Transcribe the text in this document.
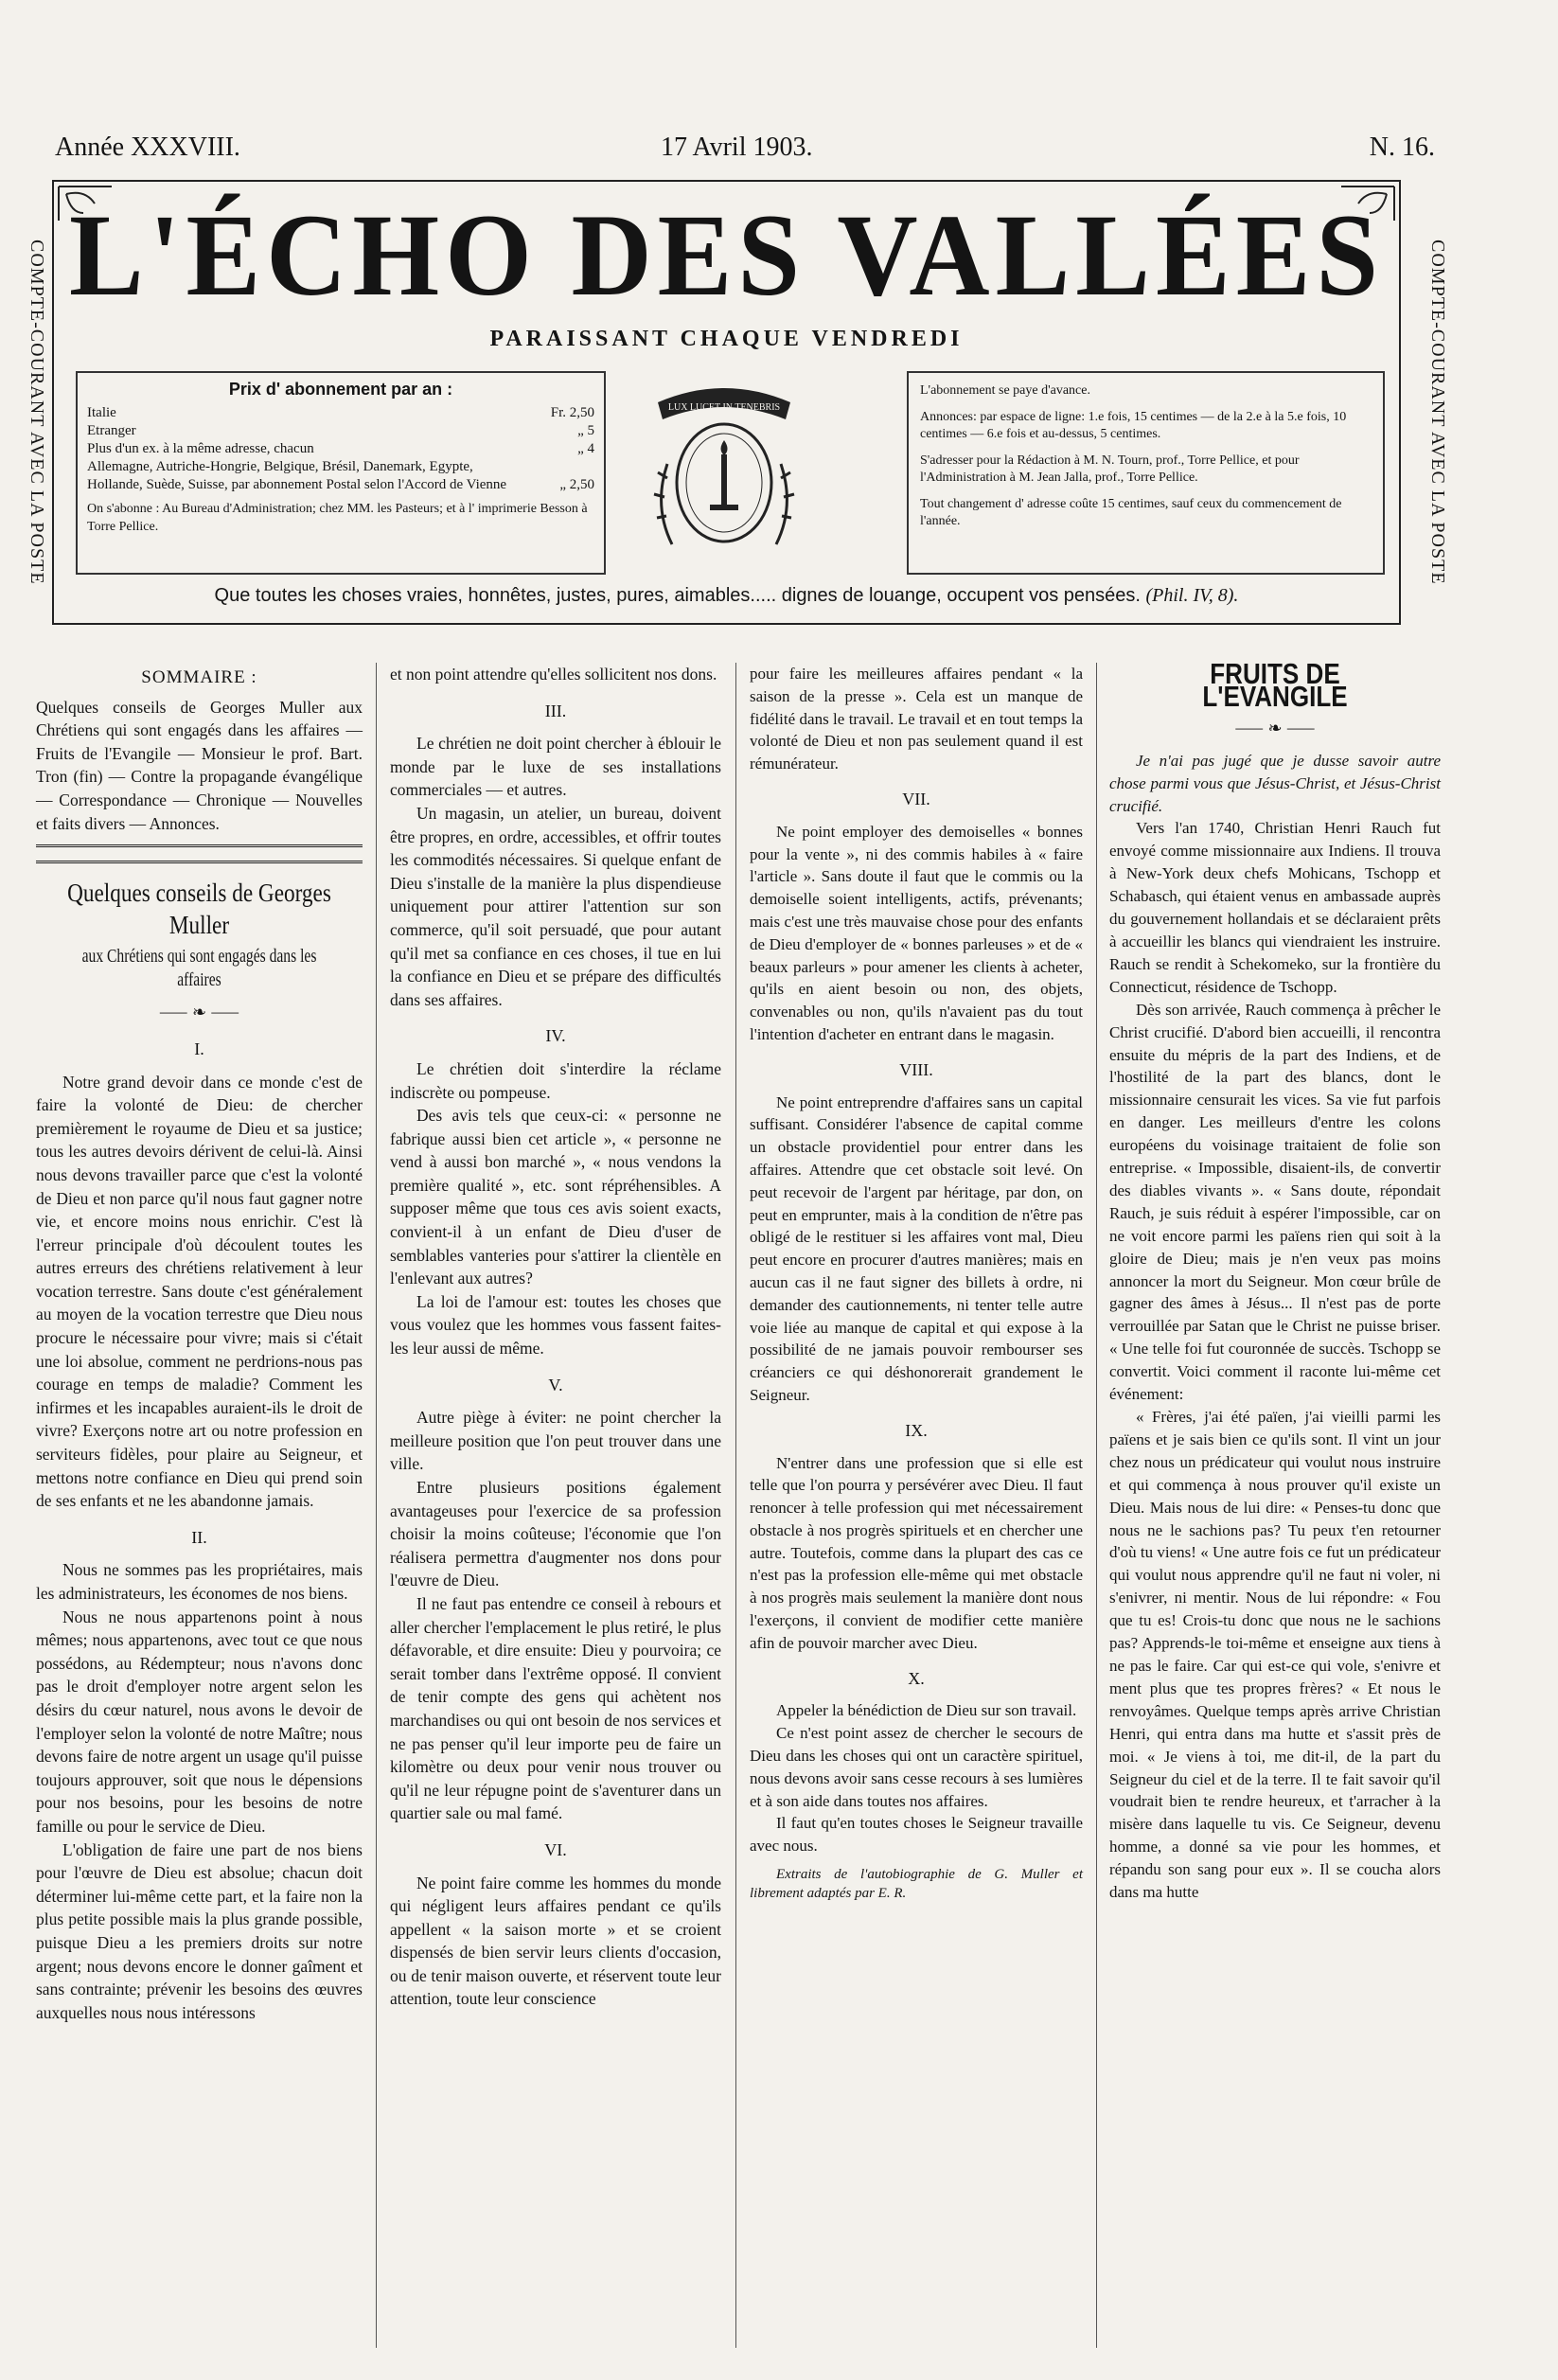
Année XXXVIII.	17 Avril 1903.	N. 16.
COMPTE-COURANT AVEC LA POSTE	COMPTE-COURANT AVEC LA POSTE
L'ÉCHO DES VALLÉES
PARAISSANT CHAQUE VENDREDI
Prix d' abonnement par an :
Italie	Fr. 2,50
Etranger	„ 5
Plus d'un ex. à la même adresse, chacun	„ 4
Allemagne, Autriche-Hongrie, Belgique, Brésil, Danemark, Egypte, Hollande, Suède, Suisse, par abonnement Postal selon l'Accord de Vienne	„ 2,50
On s'abonne : Au Bureau d'Administration; chez MM. les Pasteurs; et à l' imprimerie Besson à Torre Pellice.
LUX LUCET IN TENEBRIS

L'abonnement se paye d'avance.

Annonces: par espace de ligne: 1.e fois, 15 centimes — de la 2.e à la 5.e fois, 10 centimes — 6.e fois et au-dessus, 5 centimes.

S'adresser pour la Rédaction à M. N. Tourn, prof., Torre Pellice, et pour l'Administration à M. Jean Jalla, prof., Torre Pellice.

Tout changement d' adresse coûte 15 centimes, sauf ceux du commencement de l'année.

Que toutes les choses vraies, honnêtes, justes, pures, aimables..... dignes de louange, occupent vos pensées. (Phil. IV, 8).
SOMMAIRE :

Quelques conseils de Georges Muller aux Chrétiens qui sont engagés dans les affaires — Fruits de l'Evangile — Monsieur le prof. Bart. Tron (fin) — Contre la propagande évangélique — Correspondance — Chronique — Nouvelles et faits divers — Annonces.

Quelques conseils de Georges Muller
aux Chrétiens qui sont engagés dans les affaires
⸺ ❧ ⸺
I.

Notre grand devoir dans ce monde c'est de faire la volonté de Dieu: de chercher premièrement le royaume de Dieu et sa justice; tous les autres devoirs dérivent de celui-là. Ainsi nous devons travailler parce que c'est la volonté de Dieu et non parce qu'il nous faut gagner notre vie, et encore moins nous enrichir. C'est là l'erreur principale d'où découlent toutes les autres erreurs des chrétiens relativement à leur vocation terrestre. Sans doute c'est généralement au moyen de la vocation terrestre que Dieu nous procure le nécessaire pour vivre; mais si c'était une loi absolue, comment ne perdrions-nous pas courage en temps de maladie? Comment les infirmes et les incapables auraient-ils le droit de vivre? Exerçons notre art ou notre profession en serviteurs fidèles, pour plaire au Seigneur, et mettons notre confiance en Dieu qui prend soin de ses enfants et ne les abandonne jamais.

II.

Nous ne sommes pas les propriétaires, mais les administrateurs, les économes de nos biens.

Nous ne nous appartenons point à nous mêmes; nous appartenons, avec tout ce que nous possédons, au Rédempteur; nous n'avons donc pas le droit d'employer notre argent selon les désirs du cœur naturel, nous avons le devoir de l'employer selon la volonté de notre Maître; nous devons faire de notre argent un usage qu'il puisse toujours approuver, soit que nous le dépensions pour nos besoins, pour les besoins de notre famille ou pour le service de Dieu.

L'obligation de faire une part de nos biens pour l'œuvre de Dieu est absolue; chacun doit déterminer lui-même cette part, et la faire non la plus petite possible mais la plus grande possible, puisque Dieu a les premiers droits sur notre argent; nous devons encore le donner gaîment et sans contrainte; prévenir les besoins des œuvres auxquelles nous nous intéressons

et non point attendre qu'elles sollicitent nos dons.

III.

Le chrétien ne doit point chercher à éblouir le monde par le luxe de ses installations commerciales — et autres.

Un magasin, un atelier, un bureau, doivent être propres, en ordre, accessibles, et offrir toutes les commodités nécessaires. Si quelque enfant de Dieu s'installe de la manière la plus dispendieuse uniquement pour attirer l'attention sur son commerce, qu'il soit persuadé, que pour autant qu'il met sa confiance en ces choses, il tue en lui la confiance en Dieu et se prépare des difficultés dans ses affaires.

IV.

Le chrétien doit s'interdire la réclame indiscrète ou pompeuse.

Des avis tels que ceux-ci: « personne ne fabrique aussi bien cet article », « personne ne vend à aussi bon marché », « nous vendons la première qualité », etc. sont répréhensibles. A supposer même que tous ces avis soient exacts, convient-il à un enfant de Dieu d'user de semblables vanteries pour s'attirer la clientèle en l'enlevant aux autres?

La loi de l'amour est: toutes les choses que vous voulez que les hommes vous fassent faites-les leur aussi de même.

V.

Autre piège à éviter: ne point chercher la meilleure position que l'on peut trouver dans une ville.

Entre plusieurs positions également avantageuses pour l'exercice de sa profession choisir la moins coûteuse; l'économie que l'on réalisera permettra d'augmenter nos dons pour l'œuvre de Dieu.

Il ne faut pas entendre ce conseil à rebours et aller chercher l'emplacement le plus retiré, le plus défavorable, et dire ensuite: Dieu y pourvoira; ce serait tomber dans l'extrême opposé. Il convient de tenir compte des gens qui achètent nos marchandises ou qui ont besoin de nos services et ne pas penser qu'il leur importe peu de faire un kilomètre ou deux pour venir nous trouver ou qu'il ne leur répugne point de s'aventurer dans un quartier sale ou mal famé.

VI.

Ne point faire comme les hommes du monde qui négligent leurs affaires pendant ce qu'ils appellent « la saison morte » et se croient dispensés de bien servir leurs clients d'occasion, ou de tenir maison ouverte, et réservent toute leur attention, toute leur conscience

pour faire les meilleures affaires pendant « la saison de la presse ». Cela est un manque de fidélité dans le travail. Le travail et en tout temps la volonté de Dieu et non pas seulement quand il est rémunérateur.

VII.

Ne point employer des demoiselles « bonnes pour la vente », ni des commis habiles à « faire l'article ». Sans doute il faut que le commis ou la demoiselle soient intelligents, actifs, prévenants; mais c'est une très mauvaise chose pour des enfants de Dieu d'employer de « bonnes parleuses » et de « beaux parleurs » pour amener les clients à acheter, qu'ils en aient besoin ou non, des objets, convenables ou non, qu'ils n'avaient pas du tout l'intention d'acheter en entrant dans le magasin.

VIII.

Ne point entreprendre d'affaires sans un capital suffisant. Considérer l'absence de capital comme un obstacle providentiel pour entrer dans les affaires. Attendre que cet obstacle soit levé. On peut recevoir de l'argent par héritage, par don, on peut en emprunter, mais à la condition de n'être pas obligé de le restituer si les affaires vont mal, Dieu peut encore en procurer d'autres manières; mais en aucun cas il ne faut signer des billets à ordre, ni demander des cautionnements, ni tenter telle autre voie liée au manque de capital et qui expose à la possibilité de ne jamais pouvoir rembourser ses créanciers ce qui déshonorerait grandement le Seigneur.

IX.

N'entrer dans une profession que si elle est telle que l'on pourra y persévérer avec Dieu. Il faut renoncer à telle profession qui met nécessairement obstacle à nos progrès spirituels et en chercher une autre. Toutefois, comme dans la plupart des cas ce n'est pas la profession elle-même qui met obstacle à nos progrès mais seulement la manière dont nous l'exerçons, il convient de modifier cette manière afin de pouvoir marcher avec Dieu.

X.

Appeler la bénédiction de Dieu sur son travail.

Ce n'est point assez de chercher le secours de Dieu dans les choses qui ont un caractère spirituel, nous devons avoir sans cesse recours à ses lumières et à son aide dans toutes nos affaires.

Il faut qu'en toutes choses le Seigneur travaille avec nous.

Extraits de l'autobiographie de G. Muller et librement adaptés par E. R.

FRUITS DE L'EVANGILE
⸺ ❧ ⸺

Je n'ai pas jugé que je dusse savoir autre chose parmi vous que Jésus-Christ, et Jésus-Christ crucifié.

Vers l'an 1740, Christian Henri Rauch fut envoyé comme missionnaire aux Indiens. Il trouva à New-York deux chefs Mohicans, Tschopp et Schabasch, qui étaient venus en ambassade auprès du gouvernement hollandais et se déclaraient prêts à accueillir les blancs qui viendraient les instruire. Rauch se rendit à Schekomeko, sur la frontière du Connecticut, résidence de Tschopp.

Dès son arrivée, Rauch commença à prêcher le Christ crucifié. D'abord bien accueilli, il rencontra ensuite du mépris de la part des Indiens, et de l'hostilité de la part des blancs, dont le missionnaire censurait les vices. Sa vie fut parfois en danger. Les meilleurs d'entre les colons européens du voisinage traitaient de folie son entreprise. « Impossible, disaient-ils, de convertir des diables vivants ». « Sans doute, répondait Rauch, je suis réduit à espérer l'impossible, car on ne voit encore parmi les païens rien qui soit à la gloire de Dieu; mais je n'en veux pas moins annoncer la mort du Seigneur. Mon cœur brûle de gagner des âmes à Jésus... Il n'est pas de porte verrouillée par Satan que le Christ ne puisse briser. « Une telle foi fut couronnée de succès. Tschopp se convertit. Voici comment il raconte lui-même cet événement:

« Frères, j'ai été païen, j'ai vieilli parmi les païens et je sais bien ce qu'ils sont. Il vint un jour chez nous un prédicateur qui voulut nous instruire et qui commença à nous prouver qu'il existe un Dieu. Mais nous de lui dire: « Penses-tu donc que nous ne le sachions pas? Tu peux t'en retourner d'où tu viens! « Une autre fois ce fut un prédicateur qui voulut nous apprendre qu'il ne faut ni voler, ni s'enivrer, ni mentir. Nous de lui répondre: « Fou que tu es! Crois-tu donc que nous ne le sachions pas? Apprends-le toi-même et enseigne aux tiens à ne pas le faire. Car qui est-ce qui vole, s'enivre et ment plus que tes propres frères? « Et nous le renvoyâmes. Quelque temps après arrive Christian Henri, qui entra dans ma hutte et s'assit près de moi. « Je viens à toi, me dit-il, de la part du Seigneur du ciel et de la terre. Il te fait savoir qu'il voudrait bien te rendre heureux, et t'arracher à la misère dans laquelle tu vis. Ce Seigneur, devenu homme, a donné sa vie pour les hommes, et répandu son sang pour eux ». Il se coucha alors dans ma hutte
